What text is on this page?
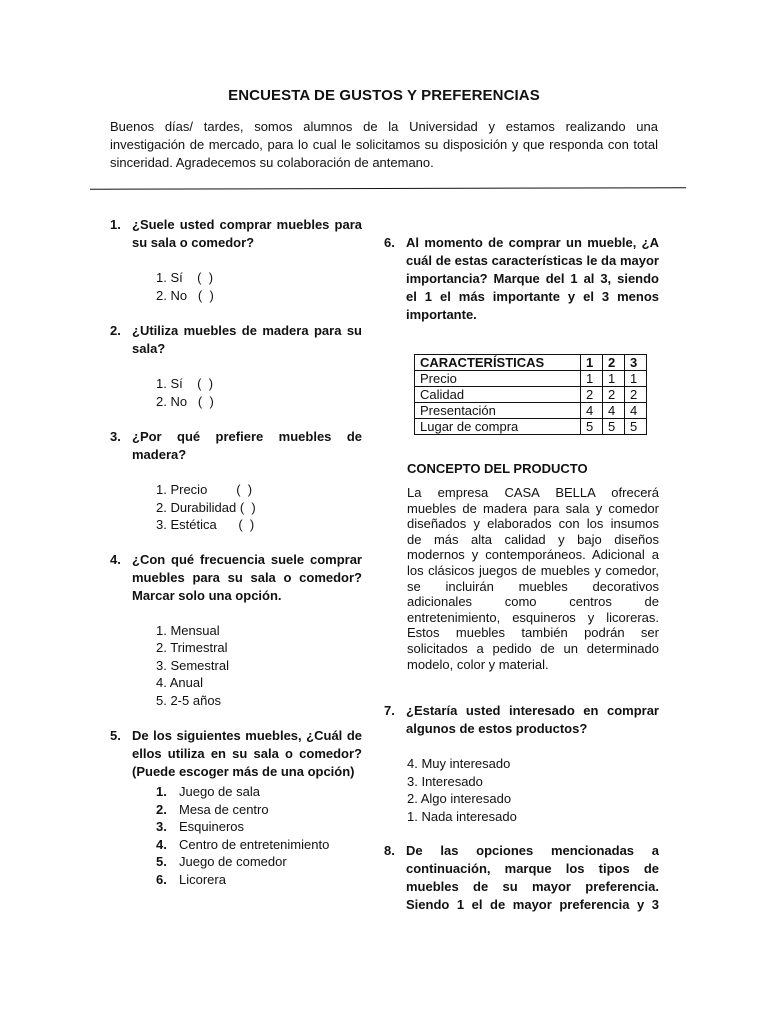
ENCUESTA DE GUSTOS Y PREFERENCIAS
Buenos días/ tardes, somos alumnos de la Universidad y estamos realizando una investigación de mercado, para lo cual le solicitamos su disposición y que responda con total sinceridad. Agradecemos su colaboración de antemano.
1. ¿Suele usted comprar muebles para su sala o comedor?
1. Sí    (  )
2. No   (  )
2. ¿Utiliza muebles de madera para su sala?
1. Sí    (  )
2. No   (  )
3. ¿Por qué prefiere muebles de madera?
1. Precio        (  )
2. Durabilidad (  )
3. Estética      (  )
4. ¿Con qué frecuencia suele comprar muebles para su sala o comedor? Marcar solo una opción.
1. Mensual
2. Trimestral
3. Semestral
4. Anual
5. 2-5 años
5. De los siguientes muebles, ¿Cuál de ellos utiliza en su sala o comedor? (Puede escoger más de una opción)
1. Juego de sala
2. Mesa de centro
3. Esquineros
4. Centro de entretenimiento
5. Juego de comedor
6. Licorera
6. Al momento de comprar un mueble, ¿A cuál de estas características le da mayor importancia? Marque del 1 al 3, siendo el 1 el más importante y el 3 menos importante.
CARACTERÍSTICAS	1	2	3
Precio	1	1	1
Calidad	2	2	2
Presentación	4	4	4
Lugar de compra	5	5	5
CONCEPTO DEL PRODUCTO
La empresa CASA BELLA ofrecerá muebles de madera para sala y comedor diseñados y elaborados con los insumos de más alta calidad y bajo diseños modernos y contemporáneos. Adicional a los clásicos juegos de muebles y comedor, se incluirán muebles decorativos adicionales como centros de entretenimiento, esquineros y licoreras. Estos muebles también podrán ser solicitados a pedido de un determinado modelo, color y material.
7. ¿Estaría usted interesado en comprar algunos de estos productos?
4. Muy interesado
3. Interesado
2. Algo interesado
1. Nada interesado
8. De las opciones mencionadas a continuación, marque los tipos de muebles de su mayor preferencia. Siendo 1 el de mayor preferencia y 3
